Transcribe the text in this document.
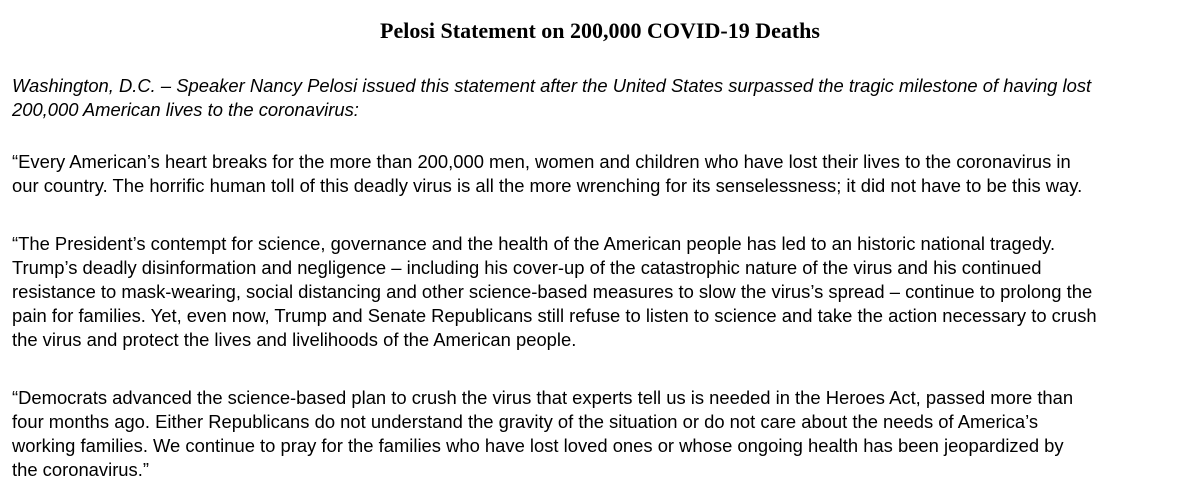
Pelosi Statement on 200,000 COVID-19 Deaths
Washington, D.C. – Speaker Nancy Pelosi issued this statement after the United States surpassed the tragic milestone of having lost
200,000 American lives to the coronavirus:
“Every American’s heart breaks for the more than 200,000 men, women and children who have lost their lives to the coronavirus in
our country. The horrific human toll of this deadly virus is all the more wrenching for its senselessness; it did not have to be this way.
“The President’s contempt for science, governance and the health of the American people has led to an historic national tragedy.
Trump’s deadly disinformation and negligence – including his cover-up of the catastrophic nature of the virus and his continued
resistance to mask-wearing, social distancing and other science-based measures to slow the virus’s spread – continue to prolong the
pain for families. Yet, even now, Trump and Senate Republicans still refuse to listen to science and take the action necessary to crush
the virus and protect the lives and livelihoods of the American people.
“Democrats advanced the science-based plan to crush the virus that experts tell us is needed in the Heroes Act, passed more than
four months ago. Either Republicans do not understand the gravity of the situation or do not care about the needs of America’s
working families. We continue to pray for the families who have lost loved ones or whose ongoing health has been jeopardized by
the coronavirus.”
